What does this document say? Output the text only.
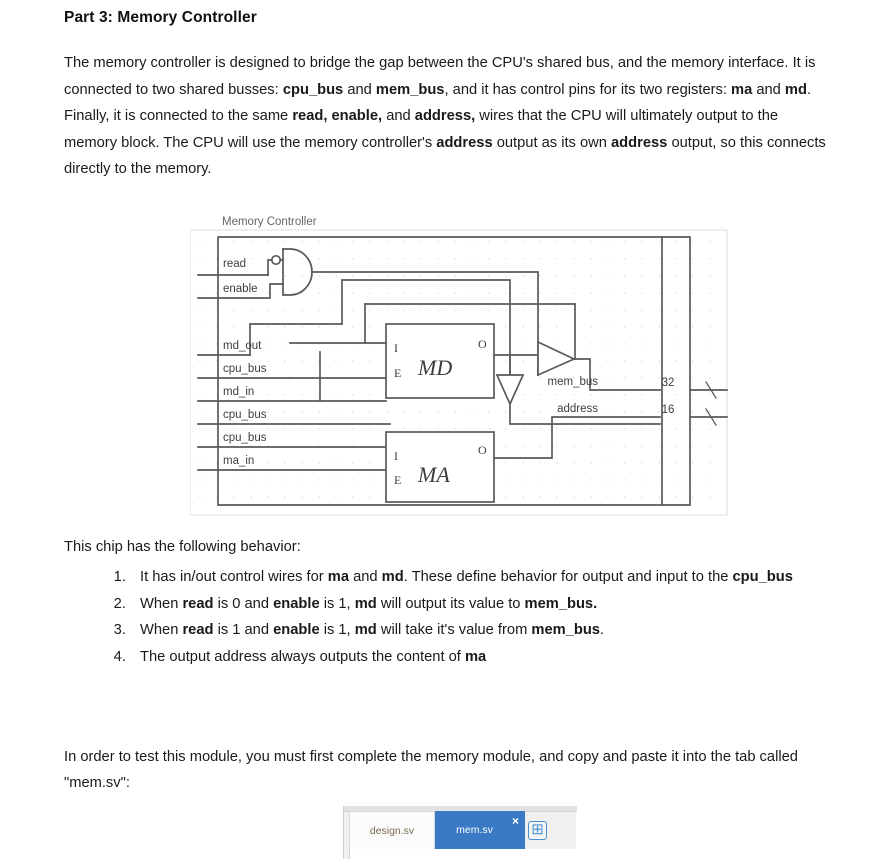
Part 3: Memory Controller

The memory controller is designed to bridge the gap between the CPU's shared bus, and the memory interface. It is connected to two shared busses: cpu_bus and mem_bus, and it has control pins for its two registers: ma and md. Finally, it is connected to the same read, enable, and address, wires that the CPU will ultimately output to the memory block. The CPU will use the memory controller's address output as its own address output, so this connects directly to the memory.

Memory Controller
read
enable
md_out
cpu_bus
md_in
cpu_bus
cpu_bus
ma_in
mem_bus
address
32
16
I
E
O
MD
I
E
O
MA

This chip has the following behavior:

1. It has in/out control wires for ma and md. These define behavior for output and input to the cpu_bus
2. When read is 0 and enable is 1, md will output its value to mem_bus.
3. When read is 1 and enable is 1, md will take it's value from mem_bus.
4. The output address always outputs the content of ma

In order to test this module, you must first complete the memory module, and copy and paste it into the tab called "mem.sv":

design.sv	mem.sv
× ⊞
